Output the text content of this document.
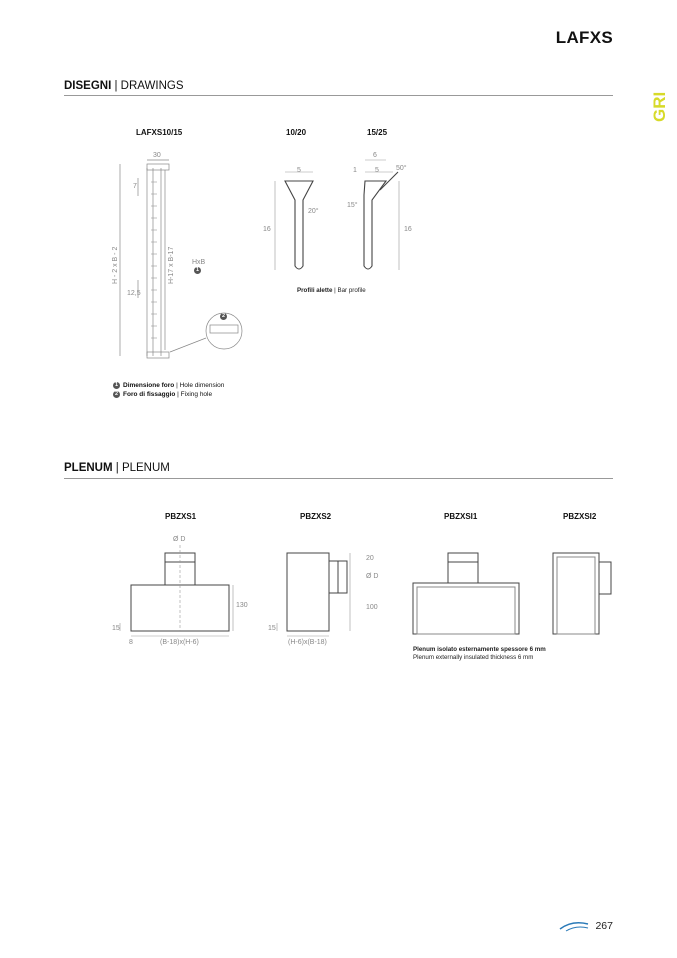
LAFXS
GRI
DISEGNI | DRAWINGS
LAFXS10/15	10/20	15/25
30
7
12,5
H - 2 x B - 2	H-17 x B-17 HxB
5
20°
16
6
1	5 50°
15°
16
1
2
Profili alette | Bar profile
1 Dimensione foro | Hole dimension
2 Foro di fissaggio | Fixing hole
PLENUM | PLENUM
PBZXS1	PBZXS2	PBZXSI1	PBZXSI2
Ø D
130
15
8	(B-18)x(H-6)
20
Ø D
100
15
(H-6)x(B-18)
Plenum isolato esternamente spessore 6 mm
Plenum externally insulated thickness 6 mm
267
